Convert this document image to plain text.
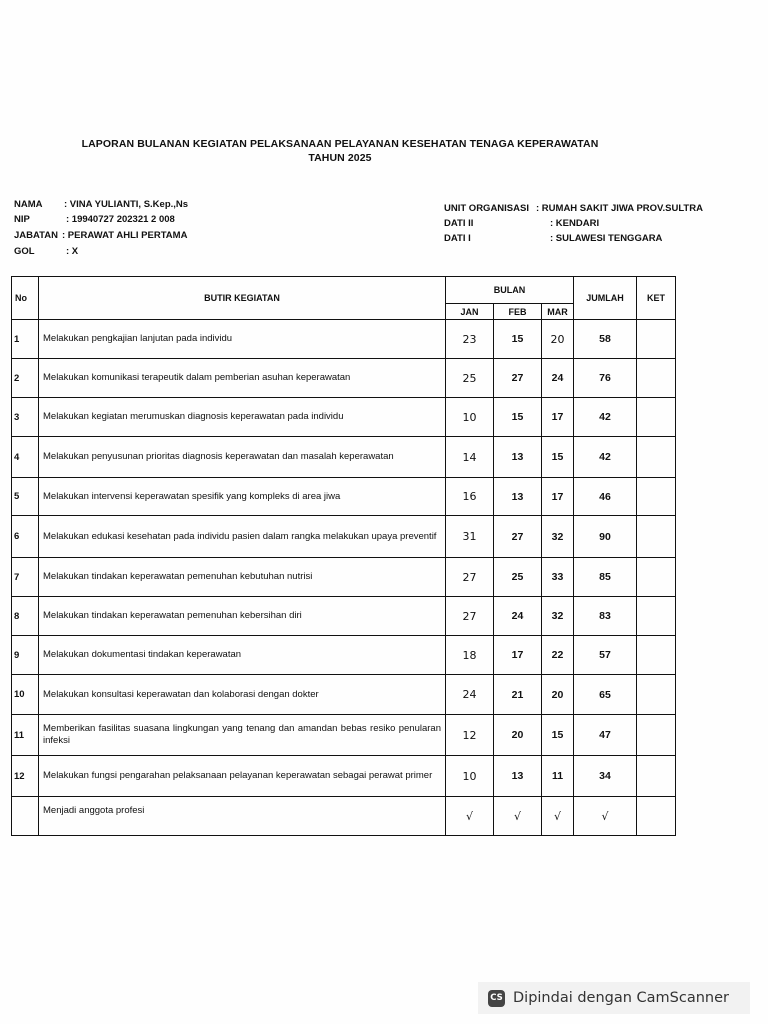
LAPORAN BULANAN KEGIATAN PELAKSANAAN PELAYANAN KESEHATAN TENAGA KEPERAWATAN
TAHUN 2025
NAMA : VINA YULIANTI, S.Kep.,Ns
NIP	: 19940727 202321 2 008
JABATAN : PERAWAT AHLI PERTAMA
GOL	: X
UNIT ORGANISASI : RUMAH SAKIT JIWA PROV.SULTRA
DATI II	: KENDARI
DATI I	: SULAWESI TENGGARA
No	BUTIR KEGIATAN	BULAN			JUMLAH	KET
		JAN	FEB	MAR		
1	Melakukan pengkajian lanjutan pada individu	23	15	20	58	
2	Melakukan komunikasi terapeutik dalam pemberian asuhan keperawatan	25	27	24	76	
3	Melakukan kegiatan merumuskan diagnosis keperawatan pada individu	10	15	17	42	
4	Melakukan penyusunan prioritas diagnosis keperawatan dan masalah keperawatan	14	13	15	42	
5	Melakukan intervensi keperawatan spesifik yang kompleks di area jiwa	16	13	17	46	
6	Melakukan edukasi kesehatan pada individu pasien dalam rangka melakukan upaya preventif	31	27	32	90	
7	Melakukan tindakan keperawatan pemenuhan kebutuhan nutrisi	27	25	33	85	
8	Melakukan tindakan keperawatan pemenuhan kebersihan diri	27	24	32	83	
9	Melakukan dokumentasi tindakan keperawatan	18	17	22	57	
10	Melakukan konsultasi keperawatan dan kolaborasi dengan dokter	24	21	20	65	
11	Memberikan fasilitas suasana lingkungan yang tenang dan amandan bebas resiko penularan infeksi	12	20	15	47	
12	Melakukan fungsi pengarahan pelaksanaan pelayanan keperawatan sebagai perawat primer	10	13	11	34	
	Menjadi anggota profesi	√	√	√	√	
CS Dipindai dengan CamScanner
